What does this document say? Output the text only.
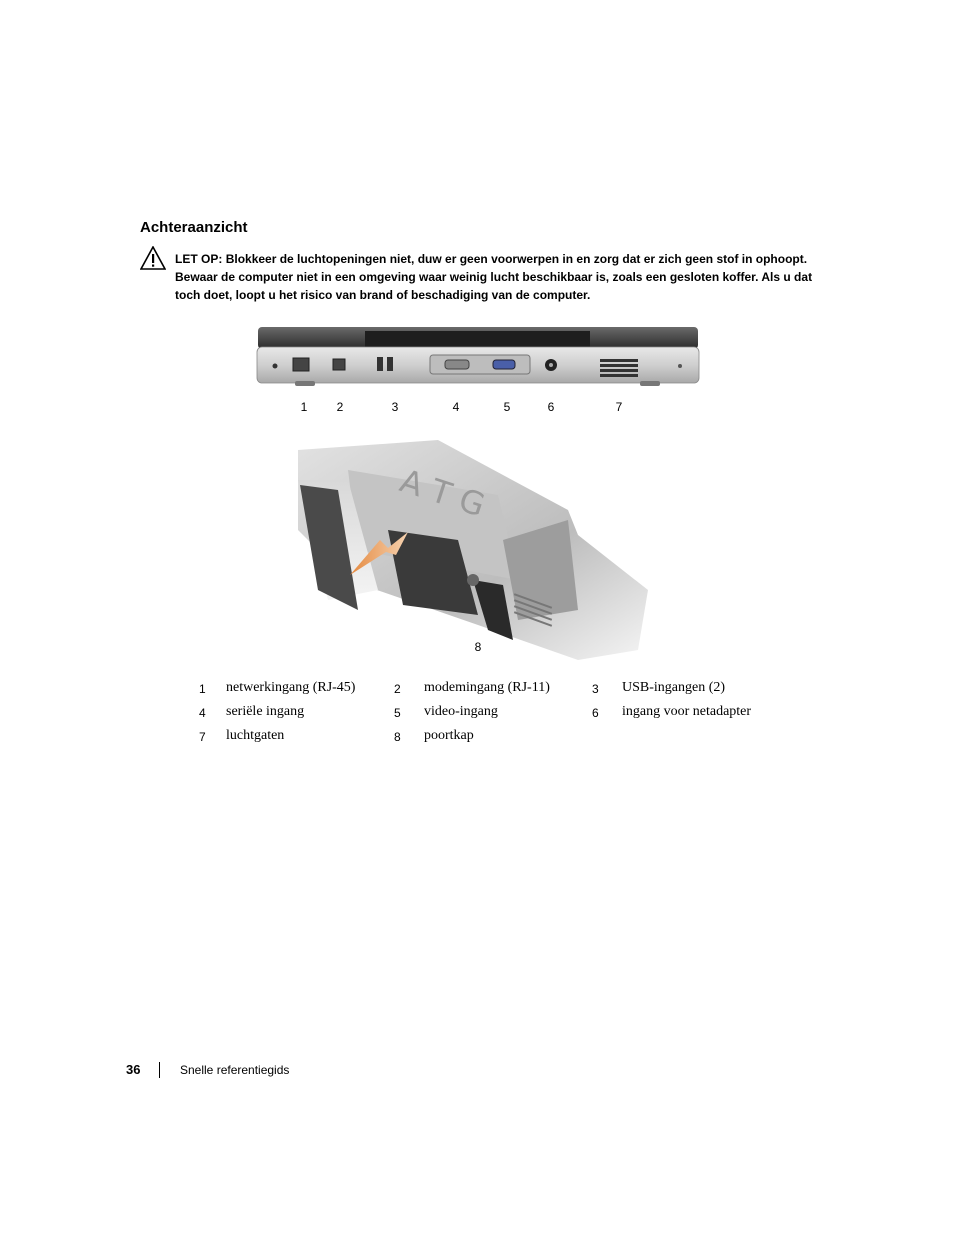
Achteraanzicht
LET OP: Blokkeer de luchtopeningen niet, duw er geen voorwerpen in en zorg dat er zich geen stof in ophoopt. Bewaar de computer niet in een omgeving waar weinig lucht beschikbaar is, zoals een gesloten koffer. Als u dat toch doet, loopt u het risico van brand of beschadiging van de computer.
1	2	3	4	5	6	7
A T G
8
1 netwerkingang (RJ-45)	2 modemingang (RJ-11)	3 USB-ingangen (2)
4 seriële ingang	5 video-ingang	6 ingang voor netadapter
7 luchtgaten	8 poortkap
36	Snelle referentiegids
